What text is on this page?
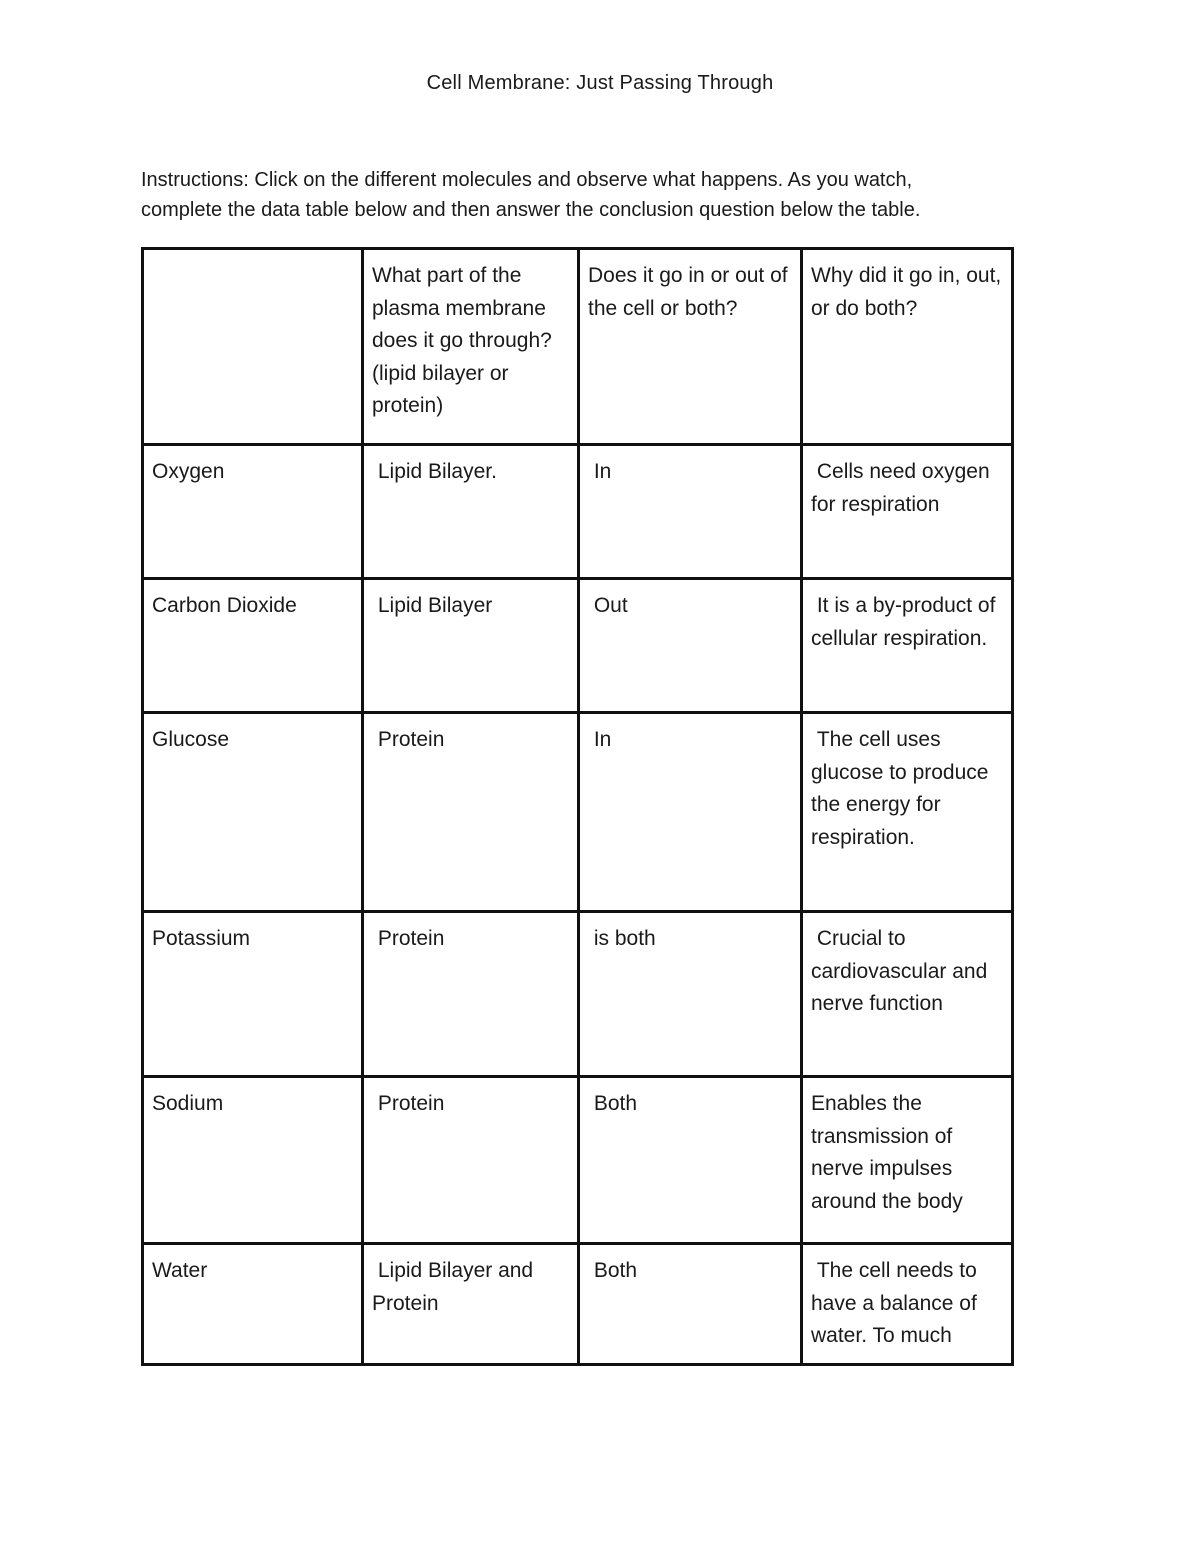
Cell Membrane: Just Passing Through

Instructions: Click on the different molecules and observe what happens. As you watch,

complete the data table below and then answer the conclusion question below the table.

	What part of the plasma membrane does it go through? (lipid bilayer or protein)	Does it go in or out of the cell or both?	Why did it go in, out, or do both?

Oxygen	Lipid Bilayer.	In	Cells need oxygen for respiration

Carbon Dioxide	Lipid Bilayer	Out	It is a by-product of cellular respiration.

Glucose	Protein	In	The cell uses glucose to produce the energy for respiration.

Potassium	Protein	is both	Crucial to cardiovascular and nerve function

Sodium	Protein	Both	Enables the transmission of nerve impulses around the body

Water	Lipid Bilayer and Protein	Both	The cell needs to have a balance of water. To much
